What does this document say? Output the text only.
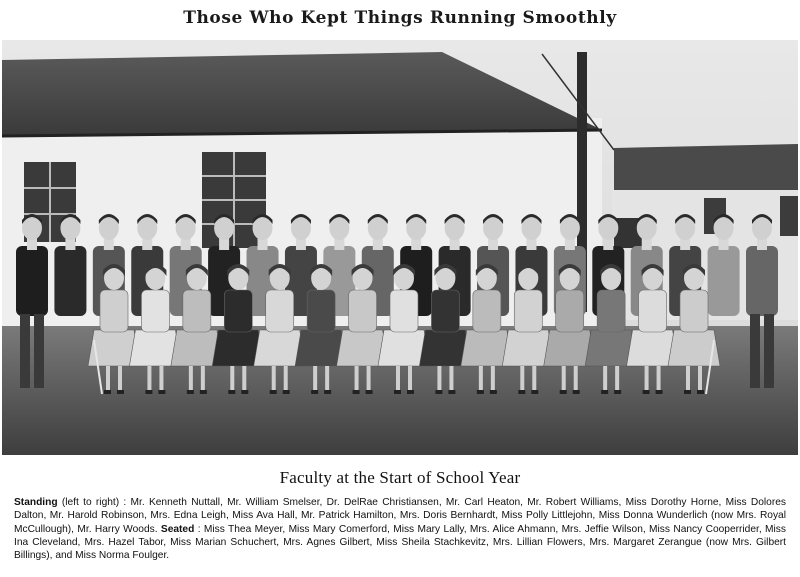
Those Who Kept Things Running Smoothly
Faculty at the Start of School Year
Standing (left to right) : Mr. Kenneth Nuttall, Mr. William Smelser, Dr. DelRae Christiansen, Mr. Carl Heaton, Mr. Robert Williams, Miss Dorothy Horne, Miss Dolores Dalton, Mr. Harold Robinson, Mrs. Edna Leigh, Miss Ava Hall, Mr. Patrick Hamilton, Mrs. Doris Bernhardt, Miss Polly Littlejohn, Miss Donna Wunderlich (now Mrs. Royal McCullough), Mr. Harry Woods. Seated : Miss Thea Meyer, Miss Mary Comerford, Miss Mary Lally, Mrs. Alice Ahmann, Mrs. Jeffie Wilson, Miss Nancy Cooperrider, Miss Ina Cleveland, Mrs. Hazel Tabor, Miss Marian Schuchert, Mrs. Agnes Gilbert, Miss Sheila Stachkevitz, Mrs. Lillian Flowers, Mrs. Margaret Zerangue (now Mrs. Gilbert Billings), and Miss Norma Foulger.
